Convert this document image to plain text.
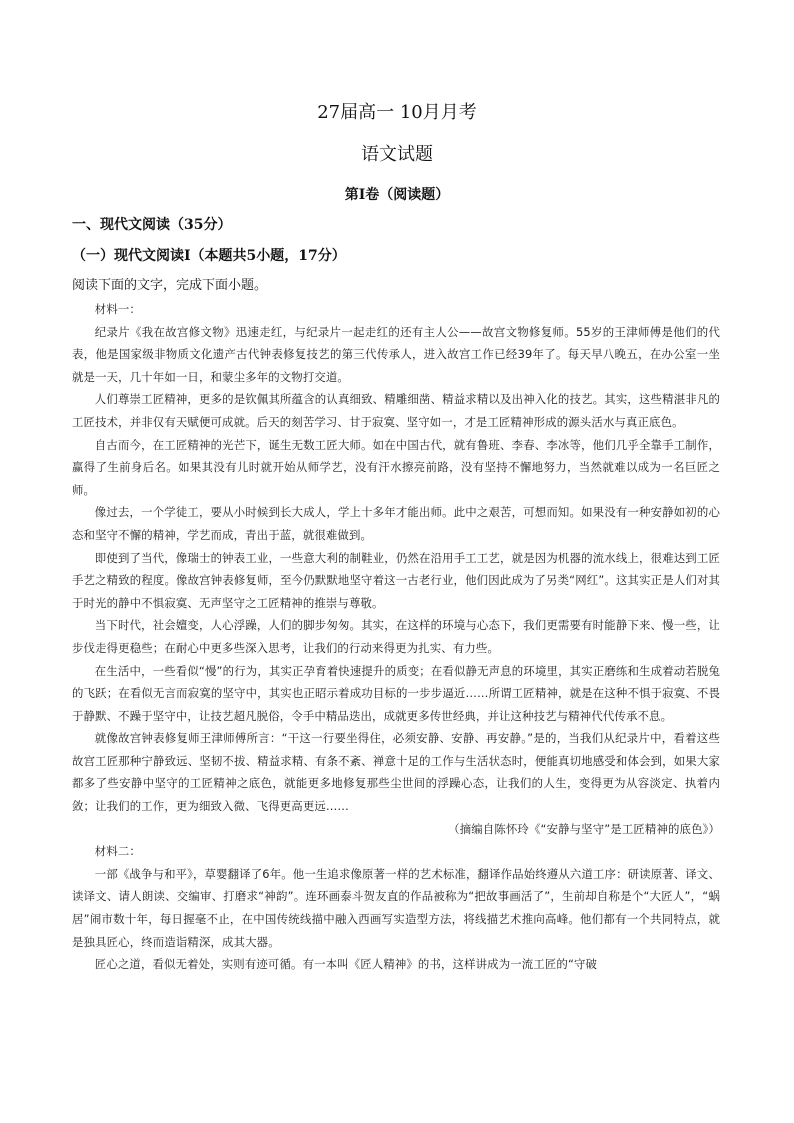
27届高一 10月月考
语文试题
第Ⅰ卷（阅读题）
一、现代文阅读（35分）
（一）现代文阅读Ⅰ（本题共5小题，17分）
阅读下面的文字，完成下面小题。

材料一：

纪录片《我在故宫修文物》迅速走红，与纪录片一起走红的还有主人公——故宫文物修复师。55岁的王津师傅是他们的代表，他是国家级非物质文化遗产古代钟表修复技艺的第三代传承人，进入故宫工作已经39年了。每天早八晚五，在办公室一坐就是一天，几十年如一日，和蒙尘多年的文物打交道。

人们尊崇工匠精神，更多的是钦佩其所蕴含的认真细致、精雕细凿、精益求精以及出神入化的技艺。其实，这些精湛非凡的工匠技术，并非仅有天赋便可成就。后天的刻苦学习、甘于寂寞、坚守如一，才是工匠精神形成的源头活水与真正底色。

自古而今，在工匠精神的光芒下，诞生无数工匠大师。如在中国古代，就有鲁班、李春、李冰等，他们几乎全靠手工制作，赢得了生前身后名。如果其没有儿时就开始从师学艺，没有汗水擦亮前路，没有坚持不懈地努力，当然就难以成为一名巨匠之师。

像过去，一个学徒工，要从小时候到长大成人，学上十多年才能出师。此中之艰苦，可想而知。如果没有一种安静如初的心态和坚守不懈的精神，学艺而成，青出于蓝，就很难做到。

即使到了当代，像瑞士的钟表工业，一些意大利的制鞋业，仍然在沿用手工工艺，就是因为机器的流水线上，很难达到工匠手艺之精致的程度。像故宫钟表修复师，至今仍默默地坚守着这一古老行业，他们因此成为了另类“网红”。这其实正是人们对其于时光的静中不惧寂寞、无声坚守之工匠精神的推崇与尊敬。

当下时代，社会嬗变，人心浮躁，人们的脚步匆匆。其实，在这样的环境与心态下，我们更需要有时能静下来、慢一些，让步伐走得更稳些；在耐心中更多些深入思考，让我们的行动来得更为扎实、有力些。

在生活中，一些看似“慢”的行为，其实正孕育着快速提升的质变；在看似静无声息的环境里，其实正磨练和生成着动若脱兔的飞跃；在看似无言而寂寞的坚守中，其实也正昭示着成功目标的一步步逼近……所谓工匠精神，就是在这种不惧于寂寞、不畏于静默、不躁于坚守中，让技艺超凡脱俗，令手中精品迭出，成就更多传世经典，并让这种技艺与精神代代传承不息。

就像故宫钟表修复师王津师傅所言：“干这一行要坐得住，必须安静、安静、再安静。”是的，当我们从纪录片中，看着这些故宫工匠那种宁静致远、坚韧不拔、精益求精、有条不紊、禅意十足的工作与生活状态时，便能真切地感受和体会到，如果大家都多了些安静中坚守的工匠精神之底色，就能更多地修复那些尘世间的浮躁心态，让我们的人生，变得更为从容淡定、执着内敛；让我们的工作，更为细致入微、飞得更高更远……

（摘编自陈怀玲《“安静与坚守”是工匠精神的底色》）

材料二：

一部《战争与和平》，草婴翻译了6年。他一生追求像原著一样的艺术标准，翻译作品始终遵从六道工序：研读原著、译文、读译文、请人朗读、交编审、打磨求“神韵”。连环画泰斗贺友直的作品被称为“把故事画活了”，生前却自称是个“大匠人”，“蜗居”闹市数十年，每日握毫不止，在中国传统线描中融入西画写实造型方法，将线描艺术推向高峰。他们都有一个共同特点，就是独具匠心，终而造诣精深，成其大器。

匠心之道，看似无着处，实则有迹可循。有一本叫《匠人精神》的书，这样讲成为一流工匠的“守破
